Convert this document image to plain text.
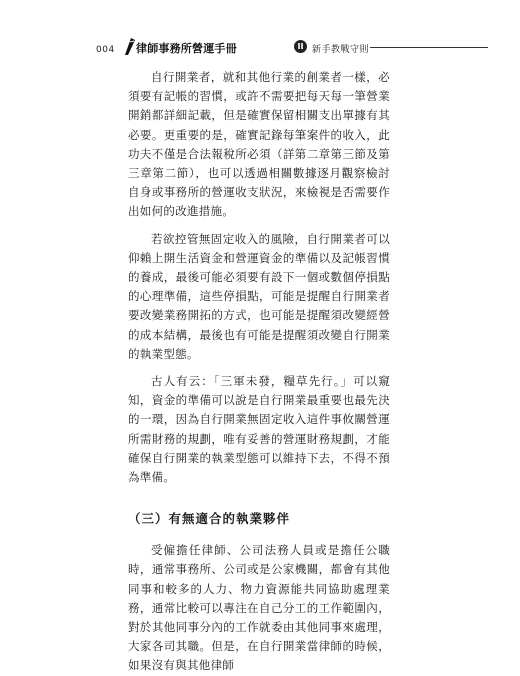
004 律師事務所營運手冊	II 新手教戰守則

自行開業者，就和其他行業的創業者一樣，必須要有記帳的習慣，或許不需要把每天每一筆營業開銷都詳細記載，但是確實保留相關支出單據有其必要。更重要的是，確實記錄每筆案件的收入，此功夫不僅是合法報稅所必須（詳第二章第三節及第三章第二節），也可以透過相關數據逐月觀察檢討自身或事務所的營運收支狀況，來檢視是否需要作出如何的改進措施。

若欲控管無固定收入的風險，自行開業者可以仰賴上開生活資金和營運資金的準備以及記帳習慣的養成，最後可能必須要有設下一個或數個停損點的心理準備，這些停損點，可能是提醒自行開業者要改變業務開拓的方式，也可能是提醒須改變經營的成本結構，最後也有可能是提醒須改變自行開業的執業型態。

古人有云：「三軍未發，糧草先行。」可以窺知，資金的準備可以說是自行開業最重要也最先決的一環，因為自行開業無固定收入這件事攸關營運所需財務的規劃，唯有妥善的營運財務規劃，才能確保自行開業的執業型態可以維持下去，不得不預為準備。

（三）有無適合的執業夥伴

受僱擔任律師、公司法務人員或是擔任公職時，通常事務所、公司或是公家機關，都會有其他同事和較多的人力、物力資源能共同協助處理業務，通常比較可以專注在自己分工的工作範圍內，對於其他同事分內的工作就委由其他同事來處理，大家各司其職。但是，在自行開業當律師的時候，如果沒有與其他律師
